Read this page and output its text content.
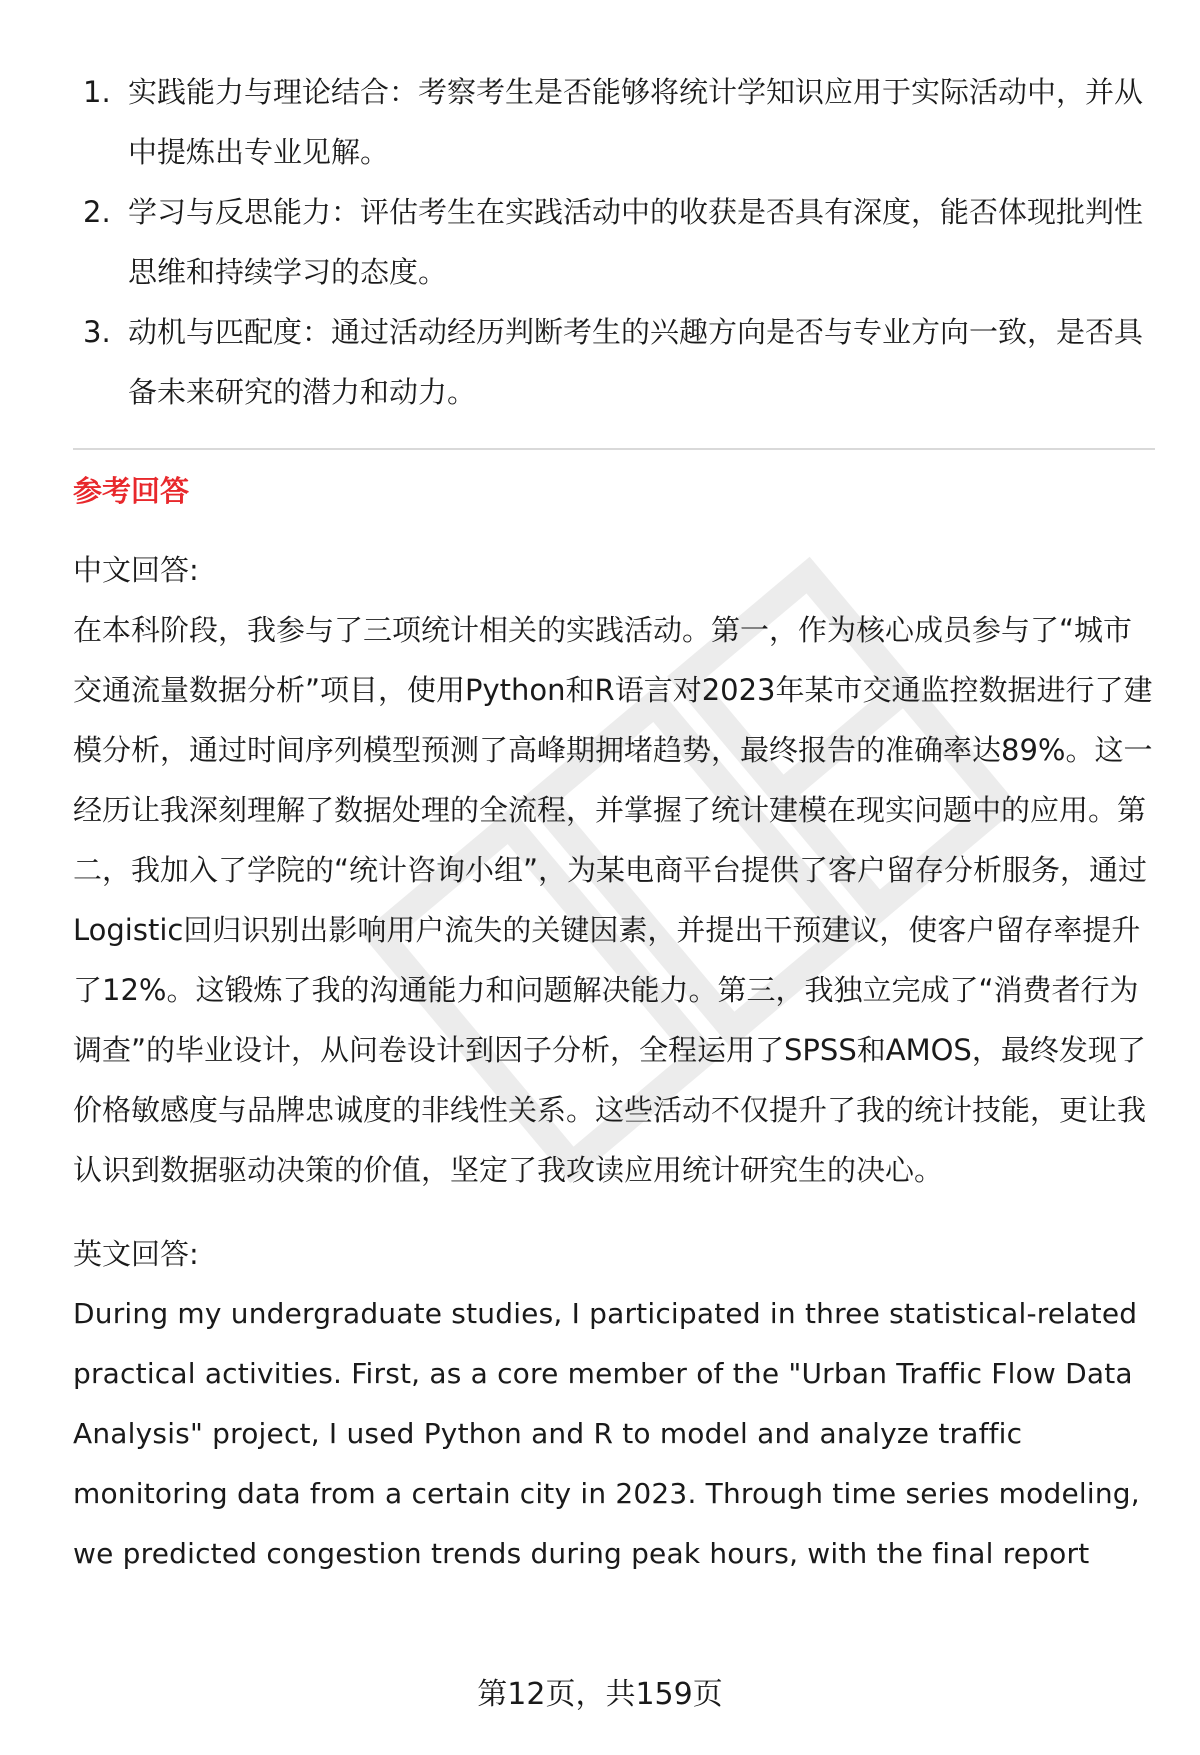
1. 实践能力与理论结合：考察考生是否能够将统计学知识应用于实际活动中，并从中提炼出专业见解。
2. 学习与反思能力：评估考生在实践活动中的收获是否具有深度，能否体现批判性思维和持续学习的态度。
3. 动机与匹配度：通过活动经历判断考生的兴趣方向是否与专业方向一致，是否具备未来研究的潜力和动力。
参考回答
中文回答:

在本科阶段，我参与了三项统计相关的实践活动。第一，作为核心成员参与了“城市交通流量数据分析”项目，使用Python和R语言对2023年某市交通监控数据进行了建模分析，通过时间序列模型预测了高峰期拥堵趋势，最终报告的准确率达89%。这一经历让我深刻理解了数据处理的全流程，并掌握了统计建模在现实问题中的应用。第二，我加入了学院的“统计咨询小组”，为某电商平台提供了客户留存分析服务，通过Logistic回归识别出影响用户流失的关键因素，并提出干预建议，使客户留存率提升了12%。这锻炼了我的沟通能力和问题解决能力。第三，我独立完成了“消费者行为调查”的毕业设计，从问卷设计到因子分析，全程运用了SPSS和AMOS，最终发现了价格敏感度与品牌忠诚度的非线性关系。这些活动不仅提升了我的统计技能，更让我认识到数据驱动决策的价值，坚定了我攻读应用统计研究生的决心。

英文回答:

During my undergraduate studies, I participated in three statistical-related practical activities. First, as a core member of the "Urban Traffic Flow Data Analysis" project, I used Python and R to model and analyze traffic monitoring data from a certain city in 2023. Through time series modeling, we predicted congestion trends during peak hours, with the final report

第12页，共159页
